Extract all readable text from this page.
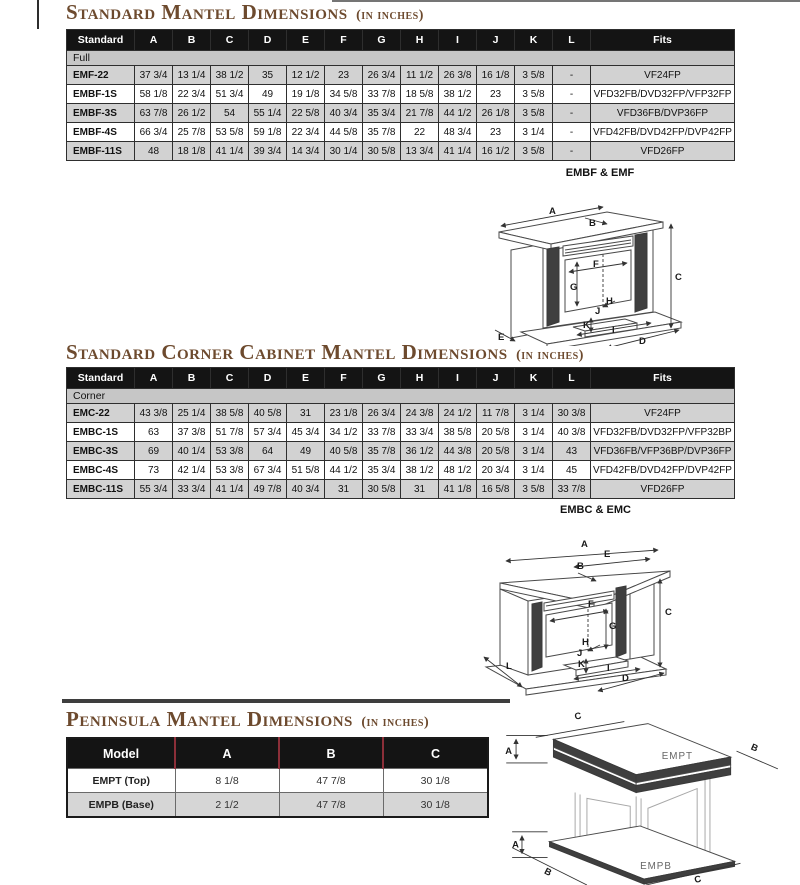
Standard Mantel Dimensions (in inches)
Standard	A	B	C	D	E	F	G	H	I	J	K	L	Fits
Full													
EMF-22	37 3/4	13 1/4	38 1/2	35	12 1/2	23	26 3/4	11 1/2	26 3/8	16 1/8	3 5/8	-	VF24FP
EMBF-1S	58 1/8	22 3/4	51 3/4	49	19 1/8	34 5/8	33 7/8	18 5/8	38 1/2	23	3 5/8	-	VFD32FB/DVD32FP/VFP32FP
EMBF-3S	63 7/8	26 1/2	54	55 1/4	22 5/8	40 3/4	35 3/4	21 7/8	44 1/2	26 1/8	3 5/8	-	VFD36FB/DVP36FP
EMBF-4S	66 3/4	25 7/8	53 5/8	59 1/8	22 3/4	44 5/8	35 7/8	22	48 3/4	23	3 1/4	-	VFD42FB/DVD42FP/DVP42FP
EMBF-11S	48	18 1/8	41 1/4	39 3/4	14 3/4	30 1/4	30 5/8	13 3/4	41 1/4	16 1/2	3 5/8	-	VFD26FP
EMBF & EMF
A
B
C
D
E
F
G
H
J
K I
Standard Corner Cabinet Mantel Dimensions (in inches)
Standard	A	B	C	D	E	F	G	H	I	J	K	L	Fits
Corner													
EMC-22	43 3/8	25 1/4	38 5/8	40 5/8	31	23 1/8	26 3/4	24 3/8	24 1/2	11 7/8	3 1/4	30 3/8	VF24FP
EMBC-1S	63	37 3/8	51 7/8	57 3/4	45 3/4	34 1/2	33 7/8	33 3/4	38 5/8	20 5/8	3 1/4	40 3/8	VFD32FB/DVD32FP/VFP32BP
EMBC-3S	69	40 1/4	53 3/8	64	49	40 5/8	35 7/8	36 1/2	44 3/8	20 5/8	3 1/4	43	VFD36FB/VFP36BP/DVP36FP
EMBC-4S	73	42 1/4	53 3/8	67 3/4	51 5/8	44 1/2	35 3/4	38 1/2	48 1/2	20 3/4	3 1/4	45	VFD42FB/DVD42FP/DVP42FP
EMBC-11S	55 3/4	33 3/4	41 1/4	49 7/8	40 3/4	31	30 5/8	31	41 1/8	16 5/8	3 5/8	33 7/8	VFD26FP
EMBC & EMC
A
E
B
C
F
G
H
J
K I
D
L
Peninsula Mantel Dimensions (in inches)
Model	A	B	C
EMPT (Top)	8 1/8	47 7/8	30 1/8
EMPB (Base)	2 1/2	47 7/8	30 1/8
EMPT
C
B
A
EMPB
A
B
C
